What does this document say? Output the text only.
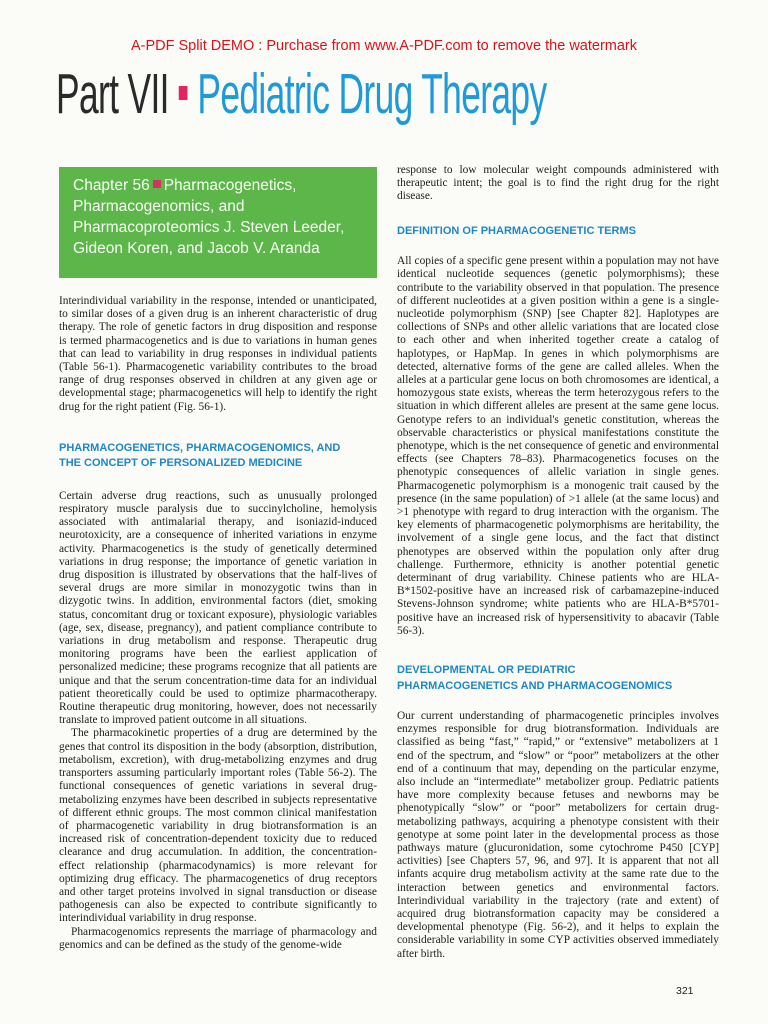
A-PDF Split DEMO : Purchase from www.A-PDF.com to remove the watermark
Part VII Pediatric Drug Therapy
Chapter 56 Pharmacogenetics,
Pharmacogenomics, and
Pharmacoproteomics J. Steven Leeder,
Gideon Koren, and Jacob V. Aranda

Interindividual variability in the response, intended or unanticipated, to similar doses of a given drug is an inherent characteristic of drug therapy. The role of genetic factors in drug disposition and response is termed pharmacogenetics and is due to variations in human genes that can lead to variability in drug responses in individual patients (Table 56-1). Pharmacogenetic variability contributes to the broad range of drug responses observed in children at any given age or developmental stage; pharmacogenetics will help to identify the right drug for the right patient (Fig. 56-1).

PHARMACOGENETICS, PHARMACOGENOMICS, AND
THE CONCEPT OF PERSONALIZED MEDICINE

Certain adverse drug reactions, such as unusually prolonged respiratory muscle paralysis due to succinylcholine, hemolysis associated with antimalarial therapy, and isoniazid-induced neurotoxicity, are a consequence of inherited variations in enzyme activity. Pharmacogenetics is the study of genetically determined variations in drug response; the importance of genetic variation in drug disposition is illustrated by observations that the half-lives of several drugs are more similar in monozygotic twins than in dizygotic twins. In addition, environmental factors (diet, smoking status, concomitant drug or toxicant exposure), physiologic variables (age, sex, disease, pregnancy), and patient compliance contribute to variations in drug metabolism and response. Therapeutic drug monitoring programs have been the earliest application of personalized medicine; these programs recognize that all patients are unique and that the serum concentration-time data for an individual patient theoretically could be used to optimize pharmacotherapy. Routine therapeutic drug monitoring, however, does not necessarily translate to improved patient outcome in all situations.

The pharmacokinetic properties of a drug are determined by the genes that control its disposition in the body (absorption, distribution, metabolism, excretion), with drug-metabolizing enzymes and drug transporters assuming particularly important roles (Table 56-2). The functional consequences of genetic variations in several drug-metabolizing enzymes have been described in subjects representative of different ethnic groups. The most common clinical manifestation of pharmacogenetic variability in drug biotransformation is an increased risk of concentration-dependent toxicity due to reduced clearance and drug accumulation. In addition, the concentration-effect relationship (pharmacodynamics) is more relevant for optimizing drug efficacy. The pharmacogenetics of drug receptors and other target proteins involved in signal transduction or disease pathogenesis can also be expected to contribute significantly to interindividual variability in drug response.

Pharmacogenomics represents the marriage of pharmacology and genomics and can be defined as the study of the genome-wide

response to low molecular weight compounds administered with therapeutic intent; the goal is to find the right drug for the right disease.

DEFINITION OF PHARMACOGENETIC TERMS

All copies of a specific gene present within a population may not have identical nucleotide sequences (genetic polymorphisms); these contribute to the variability observed in that population. The presence of different nucleotides at a given position within a gene is a single-nucleotide polymorphism (SNP) [see Chapter 82]. Haplotypes are collections of SNPs and other allelic variations that are located close to each other and when inherited together create a catalog of haplotypes, or HapMap. In genes in which polymorphisms are detected, alternative forms of the gene are called alleles. When the alleles at a particular gene locus on both chromosomes are identical, a homozygous state exists, whereas the term heterozygous refers to the situation in which different alleles are present at the same gene locus. Genotype refers to an individual's genetic constitution, whereas the observable characteristics or physical manifestations constitute the phenotype, which is the net consequence of genetic and environmental effects (see Chapters 78–83). Pharmacogenetics focuses on the phenotypic consequences of allelic variation in single genes. Pharmacogenetic polymorphism is a monogenic trait caused by the presence (in the same population) of >1 allele (at the same locus) and >1 phenotype with regard to drug interaction with the organism. The key elements of pharmacogenetic polymorphisms are heritability, the involvement of a single gene locus, and the fact that distinct phenotypes are observed within the population only after drug challenge. Furthermore, ethnicity is another potential genetic determinant of drug variability. Chinese patients who are HLA-B*1502-positive have an increased risk of carbamazepine-induced Stevens-Johnson syndrome; white patients who are HLA-B*5701-positive have an increased risk of hypersensitivity to abacavir (Table 56-3).

DEVELOPMENTAL OR PEDIATRIC
PHARMACOGENETICS AND PHARMACOGENOMICS

Our current understanding of pharmacogenetic principles involves enzymes responsible for drug biotransformation. Individuals are classified as being “fast,” “rapid,” or “extensive” metabolizers at 1 end of the spectrum, and “slow” or “poor” metabolizers at the other end of a continuum that may, depending on the particular enzyme, also include an “intermediate” metabolizer group. Pediatric patients have more complexity because fetuses and newborns may be phenotypically “slow” or “poor” metabolizers for certain drug-metabolizing pathways, acquiring a phenotype consistent with their genotype at some point later in the developmental process as those pathways mature (glucuronidation, some cytochrome P450 [CYP] activities) [see Chapters 57, 96, and 97]. It is apparent that not all infants acquire drug metabolism activity at the same rate due to the interaction between genetics and environmental factors. Interindividual variability in the trajectory (rate and extent) of acquired drug biotransformation capacity may be considered a developmental phenotype (Fig. 56-2), and it helps to explain the considerable variability in some CYP activities observed immediately after birth.

321
